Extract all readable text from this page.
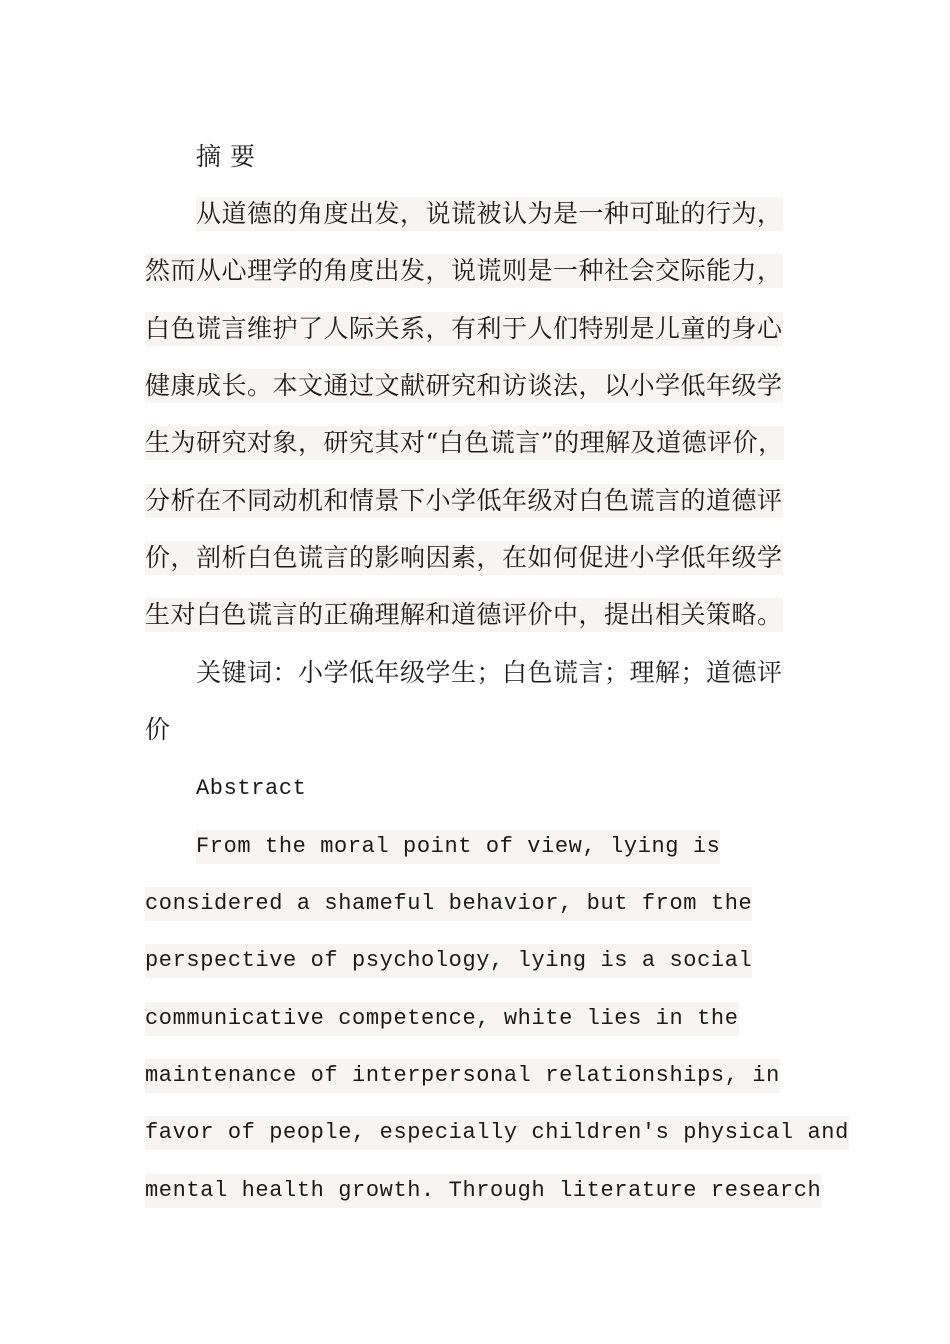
摘 要
从道德的角度出发，说谎被认为是一种可耻的行为，
然而从心理学的角度出发，说谎则是一种社会交际能力，
白色谎言维护了人际关系，有利于人们特别是儿童的身心
健康成长。本文通过文献研究和访谈法，以小学低年级学
生为研究对象，研究其对“白色谎言”的理解及道德评价，
分析在不同动机和情景下小学低年级对白色谎言的道德评
价，剖析白色谎言的影响因素，在如何促进小学低年级学
生对白色谎言的正确理解和道德评价中，提出相关策略。
关键词：小学低年级学生；白色谎言；理解；道德评
价
Abstract
From the moral point of view, lying is
considered a shameful behavior, but from the
perspective of psychology, lying is a social
communicative competence, white lies in the
maintenance of interpersonal relationships, in
favor of people, especially children's physical and
mental health growth. Through literature research
